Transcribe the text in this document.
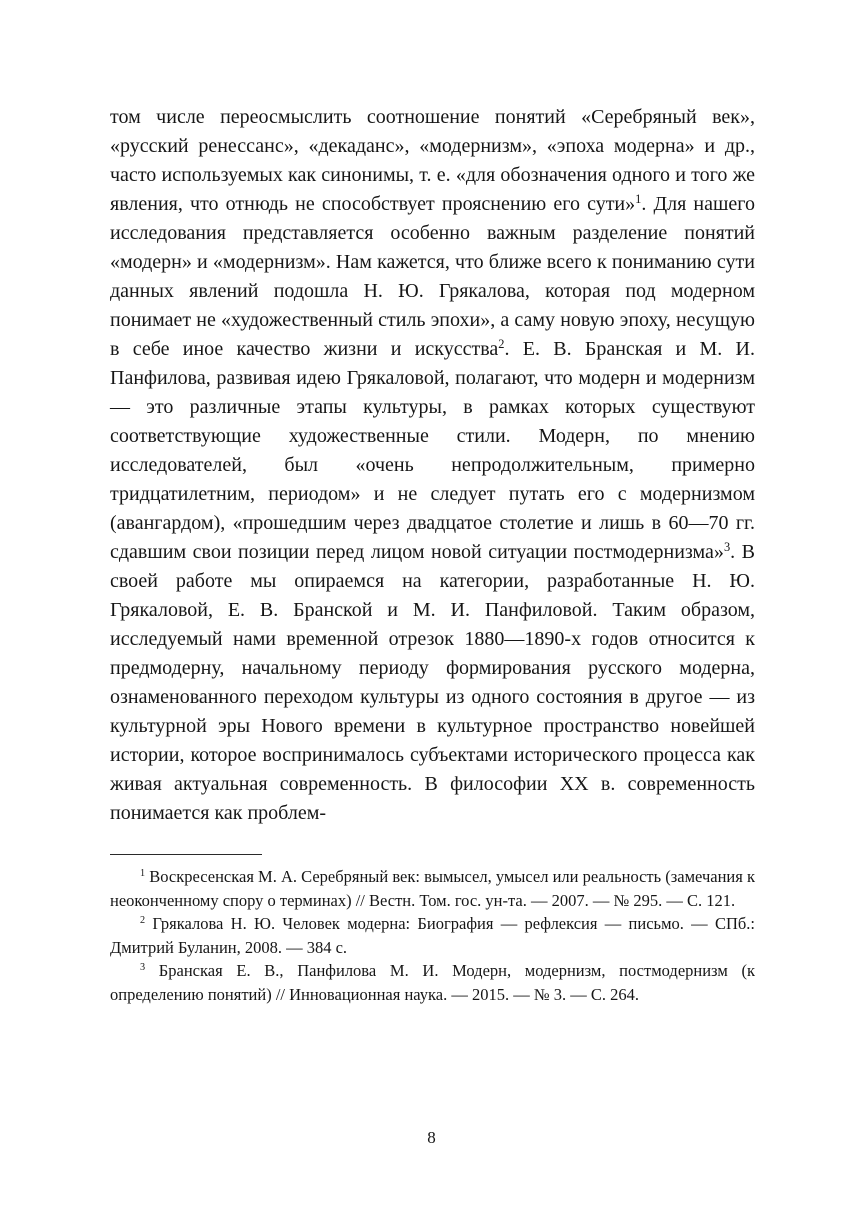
том числе переосмыслить соотношение понятий «Серебряный век», «русский ренессанс», «декаданс», «модернизм», «эпоха модерна» и др., часто используемых как синонимы, т. е. «для обозначения одного и того же явления, что отнюдь не способствует прояснению его сути»$^1$. Для нашего исследования представляется особенно важным разделение понятий «модерн» и «модернизм». Нам кажется, что ближе всего к пониманию сути данных явлений подошла Н. Ю. Грякалова, которая под модерном понимает не «художественный стиль эпохи», а саму новую эпоху, несущую в себе иное качество жизни и искусства$^2$. Е. В. Бранская и М. И. Панфилова, развивая идею Грякаловой, полагают, что модерн и модернизм — это различные этапы культуры, в рамках которых существуют соответствующие художественные стили. Модерн, по мнению исследователей, был «очень непродолжительным, примерно тридцатилетним, периодом» и не следует путать его с модернизмом (авангардом), «прошедшим через двадцатое столетие и лишь в 60—70 гг. сдавшим свои позиции перед лицом новой ситуации постмодернизма»$^3$. В своей работе мы опираемся на категории, разработанные Н. Ю. Грякаловой, Е. В. Бранской и М. И. Панфиловой. Таким образом, исследуемый нами временной отрезок 1880—1890-х годов относится к предмодерну, начальному периоду формирования русского модерна, ознаменованного переходом культуры из одного состояния в другое — из культурной эры Нового времени в культурное пространство новейшей истории, которое воспринималось субъектами исторического процесса как живая актуальная современность. В философии XX в. современность понимается как проблем-

$^1$ Воскресенская М. А. Серебряный век: вымысел, умысел или реальность (замечания к неоконченному спору о терминах) // Вестн. Том. гос. ун-та. — 2007. — № 295. — С. 121.

$^2$ Грякалова Н. Ю. Человек модерна: Биография — рефлексия — письмо. — СПб.: Дмитрий Буланин, 2008. — 384 с.

$^3$ Бранская Е. В., Панфилова М. И. Модерн, модернизм, постмодернизм (к определению понятий) // Инновационная наука. — 2015. — № 3. — С. 264.

8
